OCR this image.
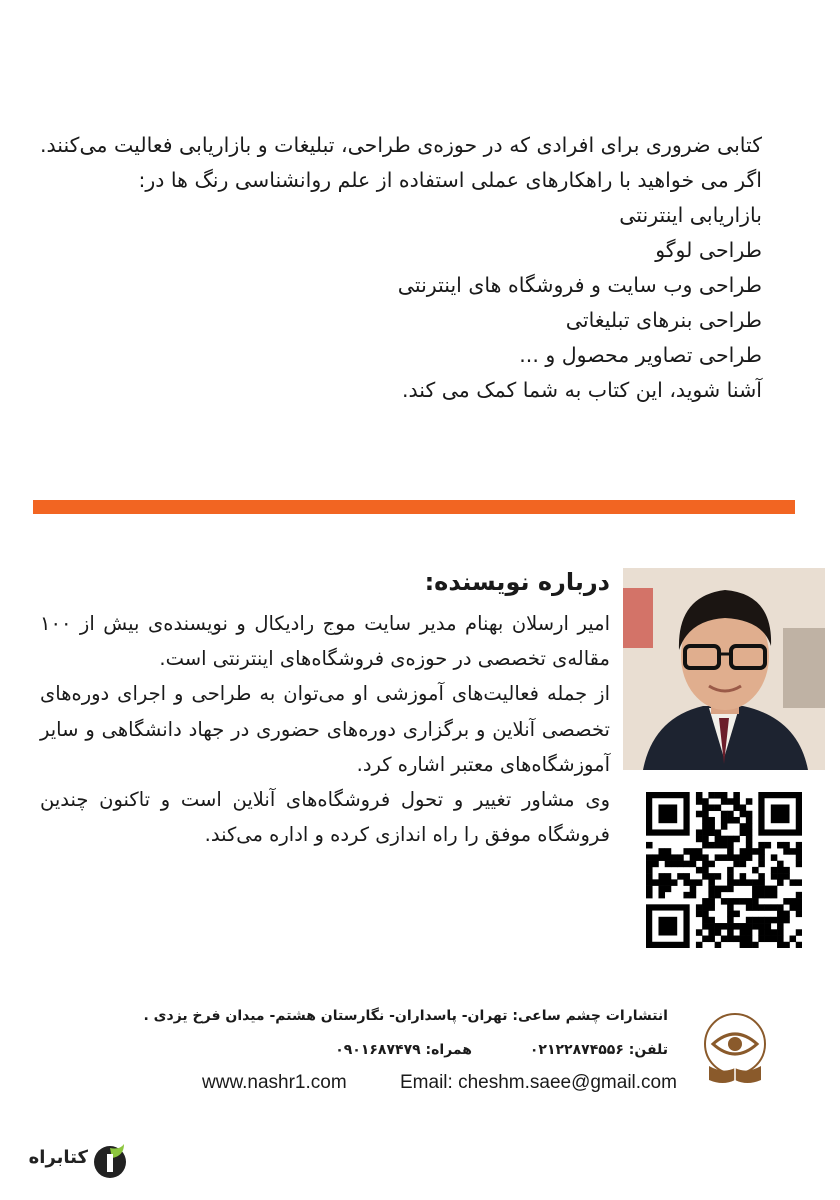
کتابی ضروری برای افرادی که در حوزه‌ی طراحی، تبلیغات و بازاریابی فعالیت می‌کنند.

اگر می خواهید با راهکارهای عملی استفاده از علم روانشناسی رنگ ها در:

بازاریابی اینترنتی

طراحی لوگو

طراحی وب سایت و فروشگاه های اینترنتی

طراحی بنرهای تبلیغاتی

طراحی تصاویر محصول و ...

آشنا شوید، این کتاب به شما کمک می کند.

درباره نویسنده:

امیر ارسلان بهنام مدیر سایت موج رادیکال و نویسنده‌ی بیش از ۱۰۰ مقاله‌ی تخصصی در حوزه‌ی فروشگاه‌های اینترنتی است.

از جمله فعالیت‌های آموزشی او می‌توان به طراحی و اجرای دوره‌های تخصصی آنلاین و برگزاری دوره‌های حضوری در جهاد دانشگاهی و سایر آموزشگاه‌های معتبر اشاره کرد.

وی مشاور تغییر و تحول فروشگاه‌های آنلاین است و تاکنون چندین فروشگاه موفق را راه اندازی کرده و اداره می‌کند.

انتشارات چشم ساعی: تهران- پاسداران- نگارستان هشتم- میدان فرخ یزدی .
تلفن: ۰۲۱۲۲۸۷۴۵۵۶
همراه: ۰۹۰۱۶۸۷۴۷۹
Email: cheshm.saee@gmail.com
www.nashr1.com
کتابراه
